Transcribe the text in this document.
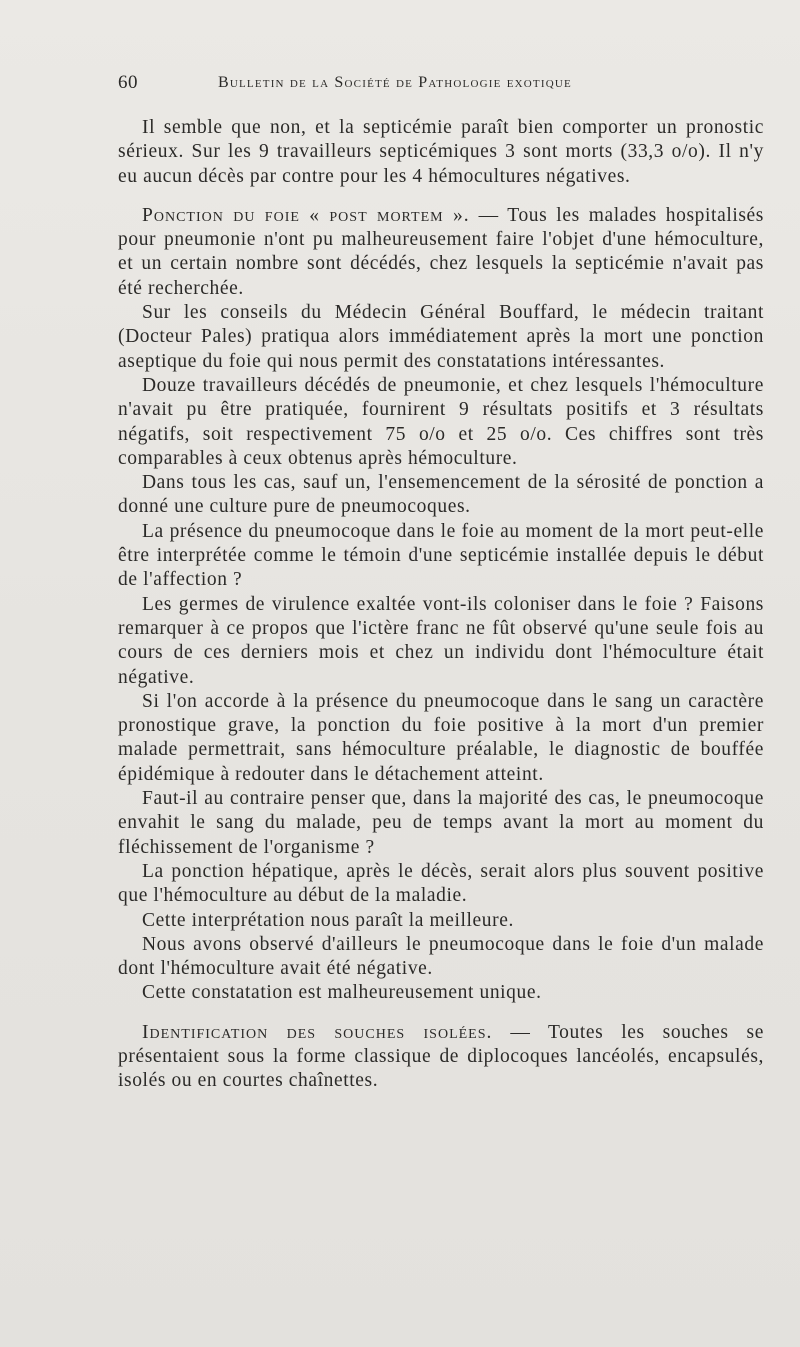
60	Bulletin de la Société de Pathologie exotique

Il semble que non, et la septicémie paraît bien comporter un pronostic sérieux. Sur les 9 travailleurs septicémiques 3 sont morts (33,3 o/o). Il n'y eu aucun décès par contre pour les 4 hémocultures négatives.

Ponction du foie « post mortem ». — Tous les malades hospitalisés pour pneumonie n'ont pu malheureusement faire l'objet d'une hémoculture, et un certain nombre sont décédés, chez lesquels la septicémie n'avait pas été recherchée.

Sur les conseils du Médecin Général Bouffard, le médecin traitant (Docteur Pales) pratiqua alors immédiatement après la mort une ponction aseptique du foie qui nous permit des constatations intéressantes.

Douze travailleurs décédés de pneumonie, et chez lesquels l'hémoculture n'avait pu être pratiquée, fournirent 9 résultats positifs et 3 résultats négatifs, soit respectivement 75 o/o et 25 o/o. Ces chiffres sont très comparables à ceux obtenus après hémoculture.

Dans tous les cas, sauf un, l'ensemencement de la sérosité de ponction a donné une culture pure de pneumocoques.

La présence du pneumocoque dans le foie au moment de la mort peut-elle être interprétée comme le témoin d'une septicémie installée depuis le début de l'affection ?

Les germes de virulence exaltée vont-ils coloniser dans le foie ? Faisons remarquer à ce propos que l'ictère franc ne fût observé qu'une seule fois au cours de ces derniers mois et chez un individu dont l'hémoculture était négative.

Si l'on accorde à la présence du pneumocoque dans le sang un caractère pronostique grave, la ponction du foie positive à la mort d'un premier malade permettrait, sans hémoculture préalable, le diagnostic de bouffée épidémique à redouter dans le détachement atteint.

Faut-il au contraire penser que, dans la majorité des cas, le pneumocoque envahit le sang du malade, peu de temps avant la mort au moment du fléchissement de l'organisme ?

La ponction hépatique, après le décès, serait alors plus souvent positive que l'hémoculture au début de la maladie.

Cette interprétation nous paraît la meilleure.

Nous avons observé d'ailleurs le pneumocoque dans le foie d'un malade dont l'hémoculture avait été négative.

Cette constatation est malheureusement unique.

Identification des souches isolées. — Toutes les souches se présentaient sous la forme classique de diplocoques lancéolés, encapsulés, isolés ou en courtes chaînettes.
